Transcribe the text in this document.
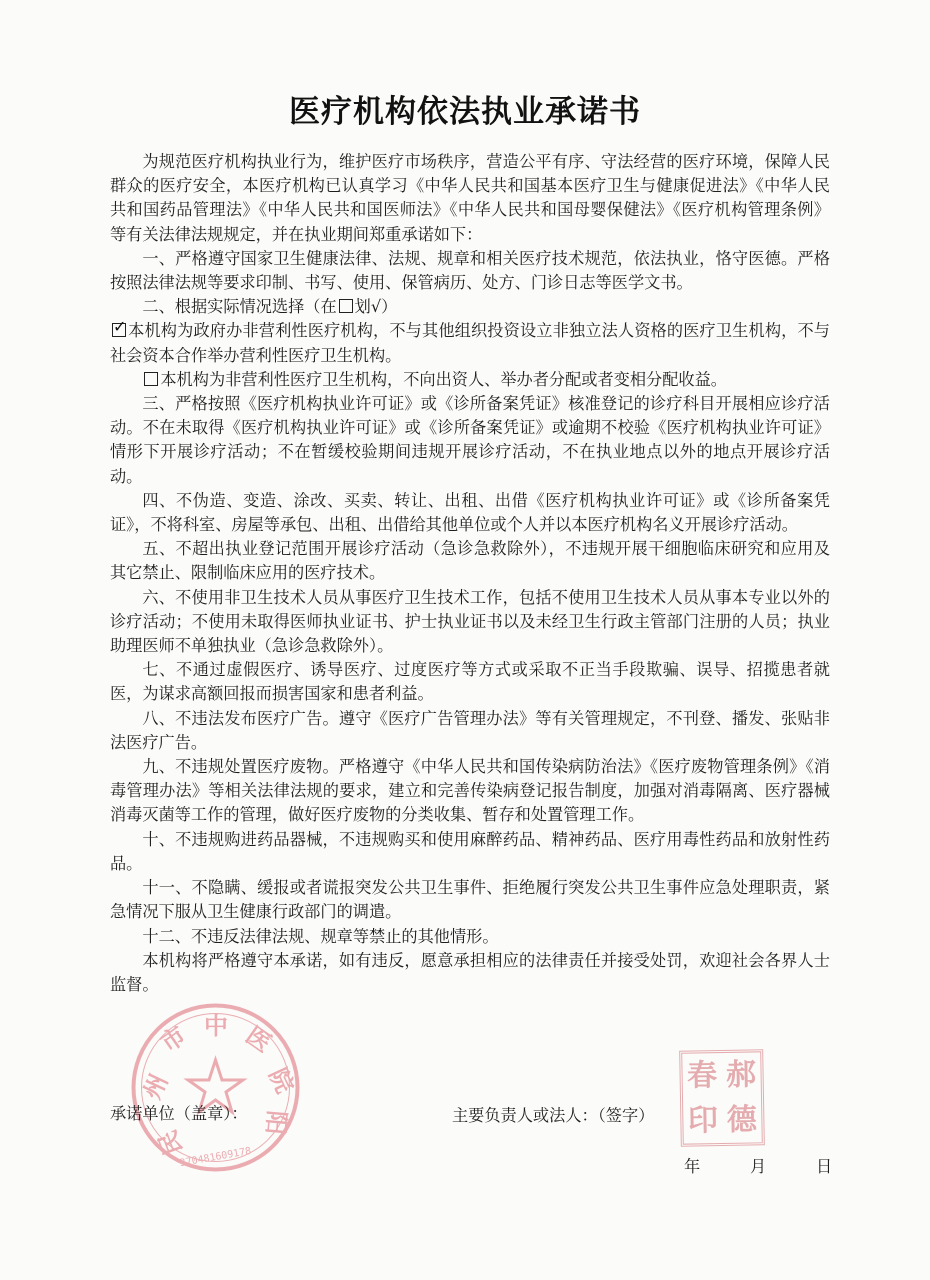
医疗机构依法执业承诺书

为规范医疗机构执业行为，维护医疗市场秩序，营造公平有序、守法经营的医疗环境，保障人民群众的医疗安全，本医疗机构已认真学习《中华人民共和国基本医疗卫生与健康促进法》《中华人民共和国药品管理法》《中华人民共和国医师法》《中华人民共和国母婴保健法》《医疗机构管理条例》等有关法律法规规定，并在执业期间郑重承诺如下：

一、严格遵守国家卫生健康法律、法规、规章和相关医疗技术规范，依法执业，恪守医德。严格按照法律法规等要求印制、书写、使用、保管病历、处方、门诊日志等医学文书。

二、根据实际情况选择（在 划√）

✓本机构为政府办非营利性医疗机构，不与其他组织投资设立非独立法人资格的医疗卫生机构，不与社会资本合作举办营利性医疗卫生机构。

本机构为非营利性医疗卫生机构，不向出资人、举办者分配或者变相分配收益。

三、严格按照《医疗机构执业许可证》或《诊所备案凭证》核准登记的诊疗科目开展相应诊疗活动。不在未取得《医疗机构执业许可证》或《诊所备案凭证》或逾期不校验《医疗机构执业许可证》情形下开展诊疗活动；不在暂缓校验期间违规开展诊疗活动，不在执业地点以外的地点开展诊疗活动。

四、不伪造、变造、涂改、买卖、转让、出租、出借《医疗机构执业许可证》或《诊所备案凭证》，不将科室、房屋等承包、出租、出借给其他单位或个人并以本医疗机构名义开展诊疗活动。

五、不超出执业登记范围开展诊疗活动（急诊急救除外），不违规开展干细胞临床研究和应用及其它禁止、限制临床应用的医疗技术。

六、不使用非卫生技术人员从事医疗卫生技术工作，包括不使用卫生技术人员从事本专业以外的诊疗活动；不使用未取得医师执业证书、护士执业证书以及未经卫生行政主管部门注册的人员；执业助理医师不单独执业（急诊急救除外）。

七、不通过虚假医疗、诱导医疗、过度医疗等方式或采取不正当手段欺骗、误导、招揽患者就医，为谋求高额回报而损害国家和患者利益。

八、不违法发布医疗广告。遵守《医疗广告管理办法》等有关管理规定，不刊登、播发、张贴非法医疗广告。

九、不违规处置医疗废物。严格遵守《中华人民共和国传染病防治法》《医疗废物管理条例》《消毒管理办法》等相关法律法规的要求，建立和完善传染病登记报告制度，加强对消毒隔离、医疗器械消毒灭菌等工作的管理，做好医疗废物的分类收集、暂存和处置管理工作。

十、不违规购进药品器械，不违规购买和使用麻醉药品、精神药品、医疗用毒性药品和放射性药品。

十一、不隐瞒、缓报或者谎报突发公共卫生事件、拒绝履行突发公共卫生事件应急处理职责，紧急情况下服从卫生健康行政部门的调遣。

十二、不违反法律法规、规章等禁止的其他情形。

本机构将严格遵守本承诺，如有违反，愿意承担相应的法律责任并接受处罚，欢迎社会各界人士监督。

州
市 中 医
院
阳
民
370481609178
春 郝
印 德
承诺单位（盖章）：	主要负责人或法人：（签字）
年	月	日
